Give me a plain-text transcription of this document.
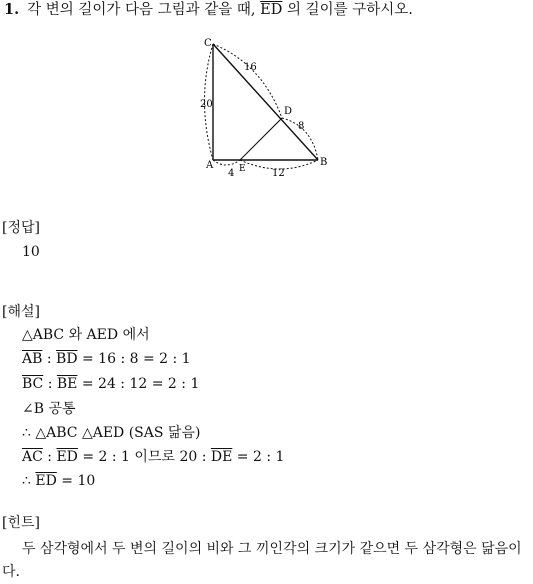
1. 각 변의 길이가 다음 그림과 같을 때, $\overline{ED}$ 의 길이를 구하시오.
C
D
A	E
B
16
8
20
4	12
[정답]
10
[해설]
△ABC 와 AED 에서
$\overline{AB}$ : $\overline{BD} = 16$ : 8 = 2 : 1
$\overline{BC}$ : $\overline{BE} = 24$ : 12 = 2 : 1
∠B 공통
∴ △ABC △AED (SAS 닮음)
$\overline{AC}$ : $\overline{ED} = 2$ : 1 이므로 20 : $\overline{DE} = 2$ : 1
∴ $\overline{ED} = 10$
[힌트]
두 삼각형에서 두 변의 길이의 비와 그 끼인각의 크기가 같으면 두 삼각형은 닮음이다.
